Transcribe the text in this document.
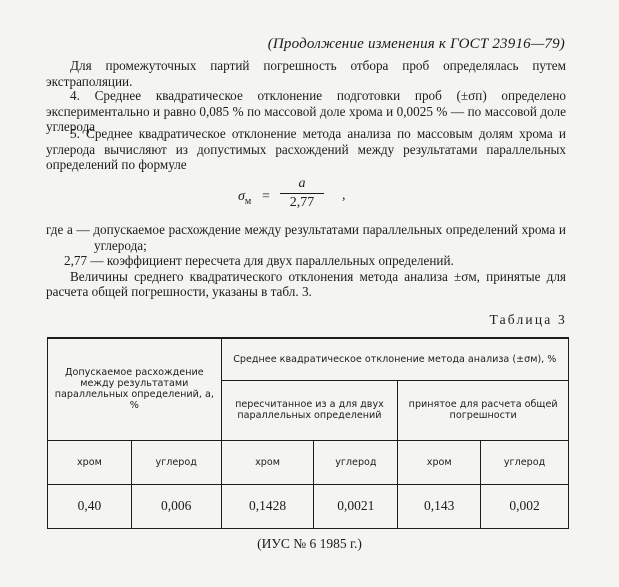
(Продолжение изменения к ГОСТ 23916—79)
Для промежуточных партий погрешность отбора проб определялась путем экстраполяции.
4. Среднее квадратическое отклонение подготовки проб (±σп) определено экспериментально и равно 0,085 % по массовой доле хрома и 0,0025 % — по массовой доле углерода
5. Среднее квадратическое отклонение метода анализа по массовым долям хрома и углерода вычисляют из допустимых расхождений между результатами параллельных определений по формуле
$\sigma_м$ =
a
2,77	,
где a — допускаемое расхождение между результатами параллельных определений хрома и углерода;
2,77 — коэффициент пересчета для двух параллельных определений.
Величины среднего квадратического отклонения метода анализа ±σм, принятые для расчета общей погрешности, указаны в табл. 3.
Таблица 3
Допускаемое расхождение между результатами параллельных определений, a, %		Среднее квадратическое отклонение метода анализа (±σм), %			
		пересчитанное из a для двух параллельных определений		принятое для расчета общей погрешности	
хром	углерод	хром	углерод	хром	углерод
0,40	0,006	0,1428	0,0021	0,143	0,002
(ИУС № 6 1985 г.)
